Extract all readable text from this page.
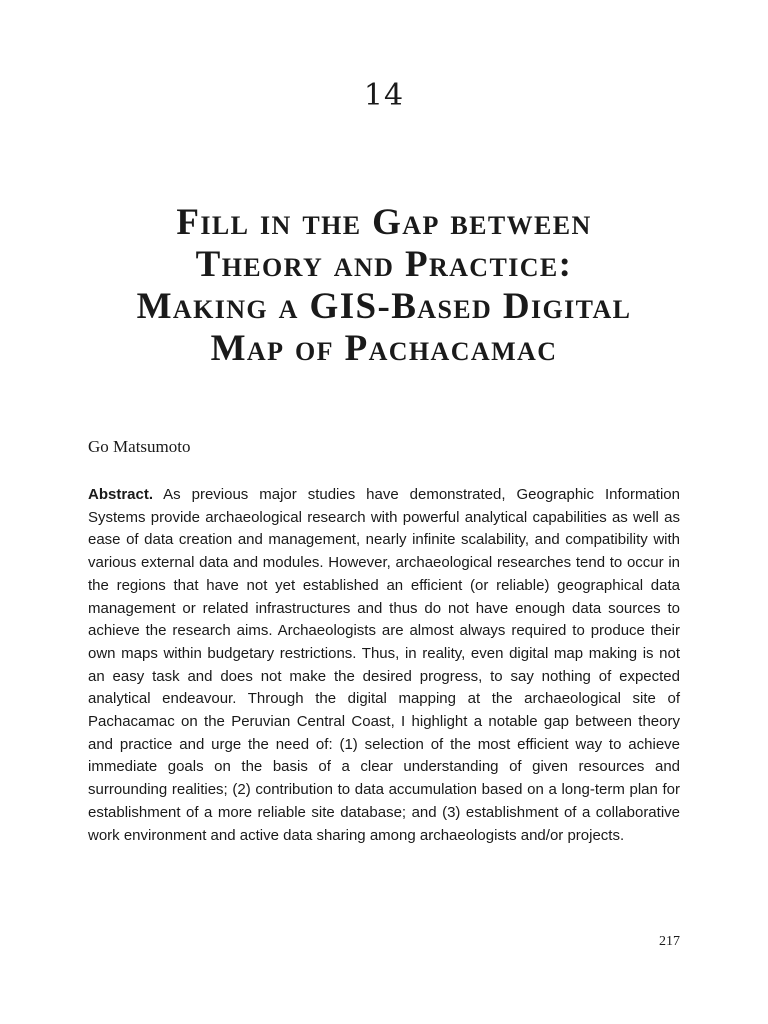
14
Fill in the Gap between
Theory and Practice:
Making a GIS-Based Digital
Map of Pachacamac
Go Matsumoto

Abstract. As previous major studies have demonstrated, Geographic Information Systems provide archaeological research with powerful analytical capabilities as well as ease of data creation and management, nearly infinite scalability, and compatibility with various external data and modules. However, archaeological researches tend to occur in the regions that have not yet established an efficient (or reliable) geographical data management or related infrastructures and thus do not have enough data sources to achieve the research aims. Archaeologists are almost always required to produce their own maps within budgetary restrictions. Thus, in reality, even digital map making is not an easy task and does not make the desired progress, to say nothing of expected analytical endeavour. Through the digital mapping at the archaeological site of Pachacamac on the Peruvian Central Coast, I highlight a notable gap between theory and practice and urge the need of: (1) selection of the most efficient way to achieve immediate goals on the basis of a clear understanding of given resources and surrounding realities; (2) contribution to data accumulation based on a long-term plan for establishment of a more reliable site database; and (3) establishment of a collaborative work environment and active data sharing among archaeologists and/or projects.

217
